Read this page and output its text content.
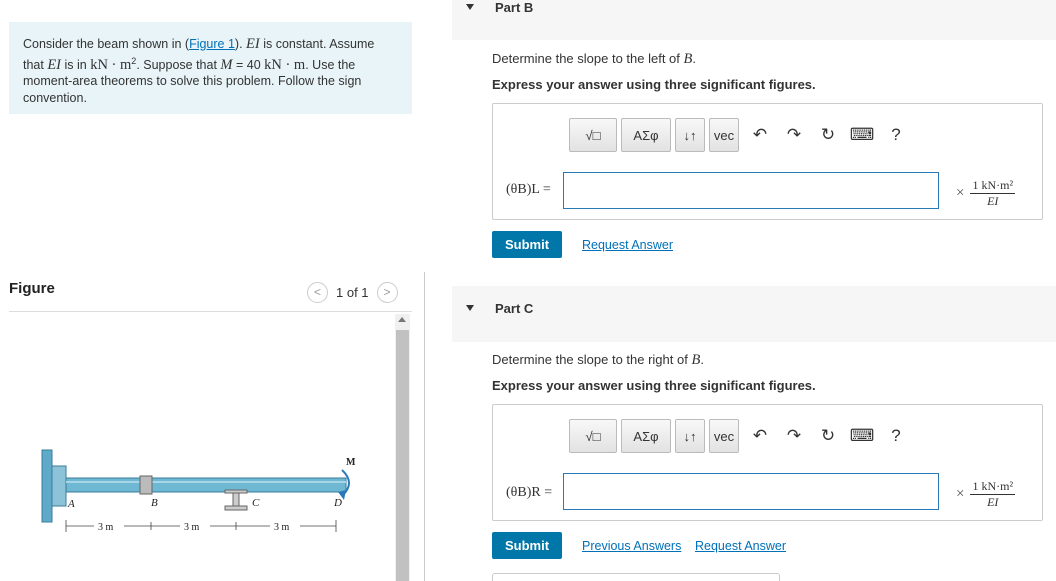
Consider the beam shown in (Figure 1). EI is constant. Assume that EI is in kN · $m^2$. Suppose that M = 40 kN · m. Use the moment-area theorems to solve this problem. Follow the sign convention.
Figure	<	1 of 1	>
A	B	C	D
M
3 m	3 m	3 m
Part B
Determine the slope to the left of B.
Express your answer using three significant figures.
√□	ΑΣφ	↓↑	vec	↶	↷	↻ ⌨	?
(θB)L =	× $\frac{\text{1 kN·m²}}{EI}$
Submit	Request Answer
Part C
Determine the slope to the right of B.
Express your answer using three significant figures.
√□	ΑΣφ	↓↑	vec	↶	↷	↻ ⌨	?
(θB)R =	× $\frac{\text{1 kN·m²}}{EI}$
Submit	Previous Answers Request Answer
